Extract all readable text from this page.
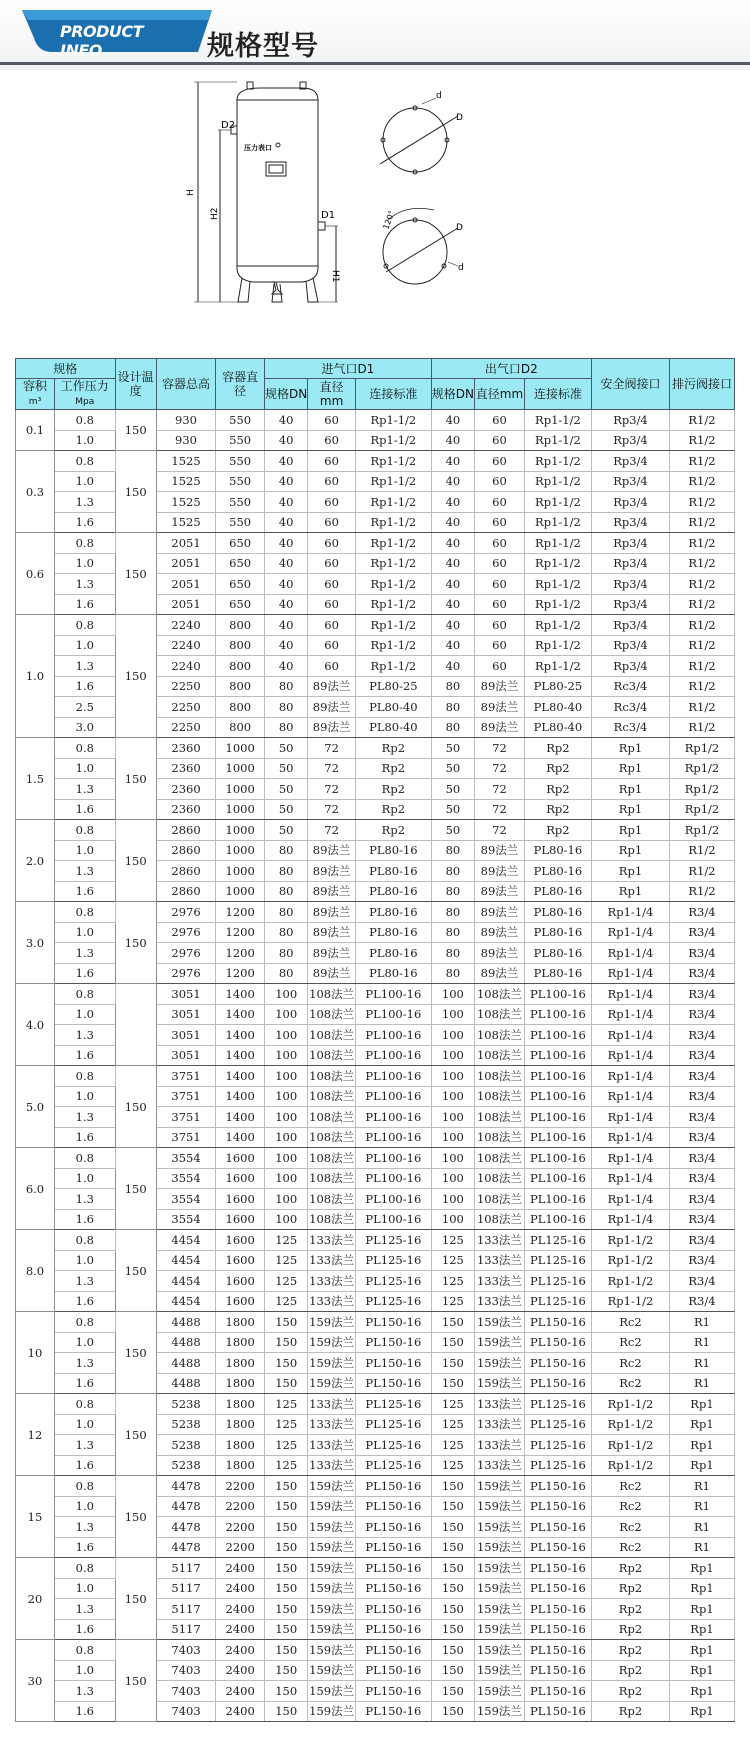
PRODUCT INFO	规格型号
D2
D1
压力表口
H
H2
H1
D
d
D
d
120°
规格		设计温度	容器总高	容器直径	进气口D1			出气口D2			安全阀接口	排污阀接口
容积
m³	工作压力
Mpa				规格DN	直径mm	连接标准	规格DN	直径mm	连接标准		
0.1	0.8	150	930	550	40	60	Rp1-1/2	40	60	Rp1-1/2	Rp3/4	R1/2
	1.0		930	550	40	60	Rp1-1/2	40	60	Rp1-1/2	Rp3/4	R1/2
0.3	0.8	150	1525	550	40	60	Rp1-1/2	40	60	Rp1-1/2	Rp3/4	R1/2
	1.0		1525	550	40	60	Rp1-1/2	40	60	Rp1-1/2	Rp3/4	R1/2
	1.3		1525	550	40	60	Rp1-1/2	40	60	Rp1-1/2	Rp3/4	R1/2
	1.6		1525	550	40	60	Rp1-1/2	40	60	Rp1-1/2	Rp3/4	R1/2
0.6	0.8	150	2051	650	40	60	Rp1-1/2	40	60	Rp1-1/2	Rp3/4	R1/2
	1.0		2051	650	40	60	Rp1-1/2	40	60	Rp1-1/2	Rp3/4	R1/2
	1.3		2051	650	40	60	Rp1-1/2	40	60	Rp1-1/2	Rp3/4	R1/2
	1.6		2051	650	40	60	Rp1-1/2	40	60	Rp1-1/2	Rp3/4	R1/2
1.0	0.8	150	2240	800	40	60	Rp1-1/2	40	60	Rp1-1/2	Rp3/4	R1/2
	1.0		2240	800	40	60	Rp1-1/2	40	60	Rp1-1/2	Rp3/4	R1/2
	1.3		2240	800	40	60	Rp1-1/2	40	60	Rp1-1/2	Rp3/4	R1/2
	1.6		2250	800	80	89法兰	PL80-25	80	89法兰	PL80-25	Rc3/4	R1/2
	2.5		2250	800	80	89法兰	PL80-40	80	89法兰	PL80-40	Rc3/4	R1/2
	3.0		2250	800	80	89法兰	PL80-40	80	89法兰	PL80-40	Rc3/4	R1/2
1.5	0.8	150	2360	1000	50	72	Rp2	50	72	Rp2	Rp1	Rp1/2
	1.0		2360	1000	50	72	Rp2	50	72	Rp2	Rp1	Rp1/2
	1.3		2360	1000	50	72	Rp2	50	72	Rp2	Rp1	Rp1/2
	1.6		2360	1000	50	72	Rp2	50	72	Rp2	Rp1	Rp1/2
2.0	0.8	150	2860	1000	50	72	Rp2	50	72	Rp2	Rp1	Rp1/2
	1.0		2860	1000	80	89法兰	PL80-16	80	89法兰	PL80-16	Rp1	R1/2
	1.3		2860	1000	80	89法兰	PL80-16	80	89法兰	PL80-16	Rp1	R1/2
	1.6		2860	1000	80	89法兰	PL80-16	80	89法兰	PL80-16	Rp1	R1/2
3.0	0.8	150	2976	1200	80	89法兰	PL80-16	80	89法兰	PL80-16	Rp1-1/4	R3/4
	1.0		2976	1200	80	89法兰	PL80-16	80	89法兰	PL80-16	Rp1-1/4	R3/4
	1.3		2976	1200	80	89法兰	PL80-16	80	89法兰	PL80-16	Rp1-1/4	R3/4
	1.6		2976	1200	80	89法兰	PL80-16	80	89法兰	PL80-16	Rp1-1/4	R3/4
4.0	0.8		3051	1400	100	108法兰	PL100-16	100	108法兰	PL100-16	Rp1-1/4	R3/4
	1.0		3051	1400	100	108法兰	PL100-16	100	108法兰	PL100-16	Rp1-1/4	R3/4
	1.3		3051	1400	100	108法兰	PL100-16	100	108法兰	PL100-16	Rp1-1/4	R3/4
	1.6		3051	1400	100	108法兰	PL100-16	100	108法兰	PL100-16	Rp1-1/4	R3/4
5.0	0.8	150	3751	1400	100	108法兰	PL100-16	100	108法兰	PL100-16	Rp1-1/4	R3/4
	1.0		3751	1400	100	108法兰	PL100-16	100	108法兰	PL100-16	Rp1-1/4	R3/4
	1.3		3751	1400	100	108法兰	PL100-16	100	108法兰	PL100-16	Rp1-1/4	R3/4
	1.6		3751	1400	100	108法兰	PL100-16	100	108法兰	PL100-16	Rp1-1/4	R3/4
6.0	0.8	150	3554	1600	100	108法兰	PL100-16	100	108法兰	PL100-16	Rp1-1/4	R3/4
	1.0		3554	1600	100	108法兰	PL100-16	100	108法兰	PL100-16	Rp1-1/4	R3/4
	1.3		3554	1600	100	108法兰	PL100-16	100	108法兰	PL100-16	Rp1-1/4	R3/4
	1.6		3554	1600	100	108法兰	PL100-16	100	108法兰	PL100-16	Rp1-1/4	R3/4
8.0	0.8	150	4454	1600	125	133法兰	PL125-16	125	133法兰	PL125-16	Rp1-1/2	R3/4
	1.0		4454	1600	125	133法兰	PL125-16	125	133法兰	PL125-16	Rp1-1/2	R3/4
	1.3		4454	1600	125	133法兰	PL125-16	125	133法兰	PL125-16	Rp1-1/2	R3/4
	1.6		4454	1600	125	133法兰	PL125-16	125	133法兰	PL125-16	Rp1-1/2	R3/4
10	0.8	150	4488	1800	150	159法兰	PL150-16	150	159法兰	PL150-16	Rc2	R1
	1.0		4488	1800	150	159法兰	PL150-16	150	159法兰	PL150-16	Rc2	R1
	1.3		4488	1800	150	159法兰	PL150-16	150	159法兰	PL150-16	Rc2	R1
	1.6		4488	1800	150	159法兰	PL150-16	150	159法兰	PL150-16	Rc2	R1
12	0.8	150	5238	1800	125	133法兰	PL125-16	125	133法兰	PL125-16	Rp1-1/2	Rp1
	1.0		5238	1800	125	133法兰	PL125-16	125	133法兰	PL125-16	Rp1-1/2	Rp1
	1.3		5238	1800	125	133法兰	PL125-16	125	133法兰	PL125-16	Rp1-1/2	Rp1
	1.6		5238	1800	125	133法兰	PL125-16	125	133法兰	PL125-16	Rp1-1/2	Rp1
15	0.8	150	4478	2200	150	159法兰	PL150-16	150	159法兰	PL150-16	Rc2	R1
	1.0		4478	2200	150	159法兰	PL150-16	150	159法兰	PL150-16	Rc2	R1
	1.3		4478	2200	150	159法兰	PL150-16	150	159法兰	PL150-16	Rc2	R1
	1.6		4478	2200	150	159法兰	PL150-16	150	159法兰	PL150-16	Rc2	R1
20	0.8	150	5117	2400	150	159法兰	PL150-16	150	159法兰	PL150-16	Rp2	Rp1
	1.0		5117	2400	150	159法兰	PL150-16	150	159法兰	PL150-16	Rp2	Rp1
	1.3		5117	2400	150	159法兰	PL150-16	150	159法兰	PL150-16	Rp2	Rp1
	1.6		5117	2400	150	159法兰	PL150-16	150	159法兰	PL150-16	Rp2	Rp1
30	0.8	150	7403	2400	150	159法兰	PL150-16	150	159法兰	PL150-16	Rp2	Rp1
	1.0		7403	2400	150	159法兰	PL150-16	150	159法兰	PL150-16	Rp2	Rp1
	1.3		7403	2400	150	159法兰	PL150-16	150	159法兰	PL150-16	Rp2	Rp1
	1.6		7403	2400	150	159法兰	PL150-16	150	159法兰	PL150-16	Rp2	Rp1
